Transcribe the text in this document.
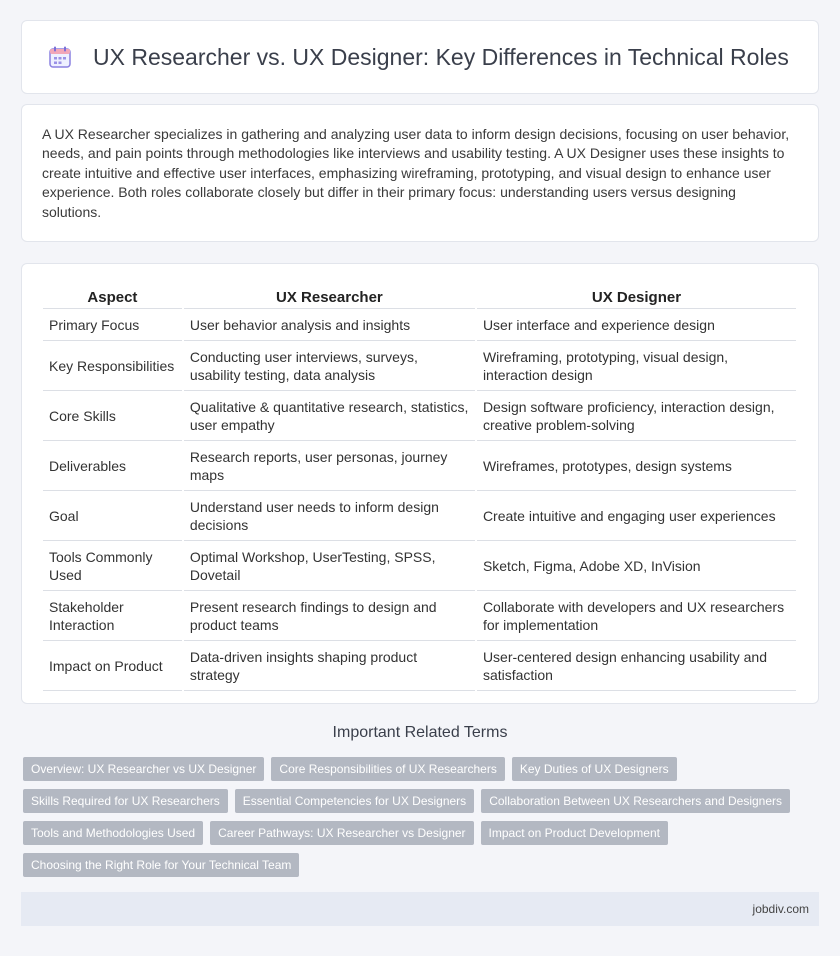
UX Researcher vs. UX Designer: Key Differences in Technical Roles

A UX Researcher specializes in gathering and analyzing user data to inform design decisions, focusing on user behavior, needs, and pain points through methodologies like interviews and usability testing. A UX Designer uses these insights to create intuitive and effective user interfaces, emphasizing wireframing, prototyping, and visual design to enhance user experience. Both roles collaborate closely but differ in their primary focus: understanding users versus designing solutions.

Aspect	UX Researcher	UX Designer
Primary Focus	User behavior analysis and insights	User interface and experience design
Key Responsibilities	Conducting user interviews, surveys, usability testing, data analysis	Wireframing, prototyping, visual design, interaction design
Core Skills	Qualitative & quantitative research, statistics, user empathy	Design software proficiency, interaction design, creative problem-solving
Deliverables	Research reports, user personas, journey maps	Wireframes, prototypes, design systems
Goal	Understand user needs to inform design decisions	Create intuitive and engaging user experiences
Tools Commonly Used	Optimal Workshop, UserTesting, SPSS, Dovetail	Sketch, Figma, Adobe XD, InVision
Stakeholder Interaction	Present research findings to design and product teams	Collaborate with developers and UX researchers for implementation
Impact on Product	Data-driven insights shaping product strategy	User-centered design enhancing usability and satisfaction
Important Related Terms
Overview: UX Researcher vs UX Designer	Core Responsibilities of UX Researchers	Key Duties of UX Designers
Skills Required for UX Researchers	Essential Competencies for UX Designers	Collaboration Between UX Researchers and Designers
Tools and Methodologies Used	Career Pathways: UX Researcher vs Designer	Impact on Product Development
Choosing the Right Role for Your Technical Team
jobdiv.com
